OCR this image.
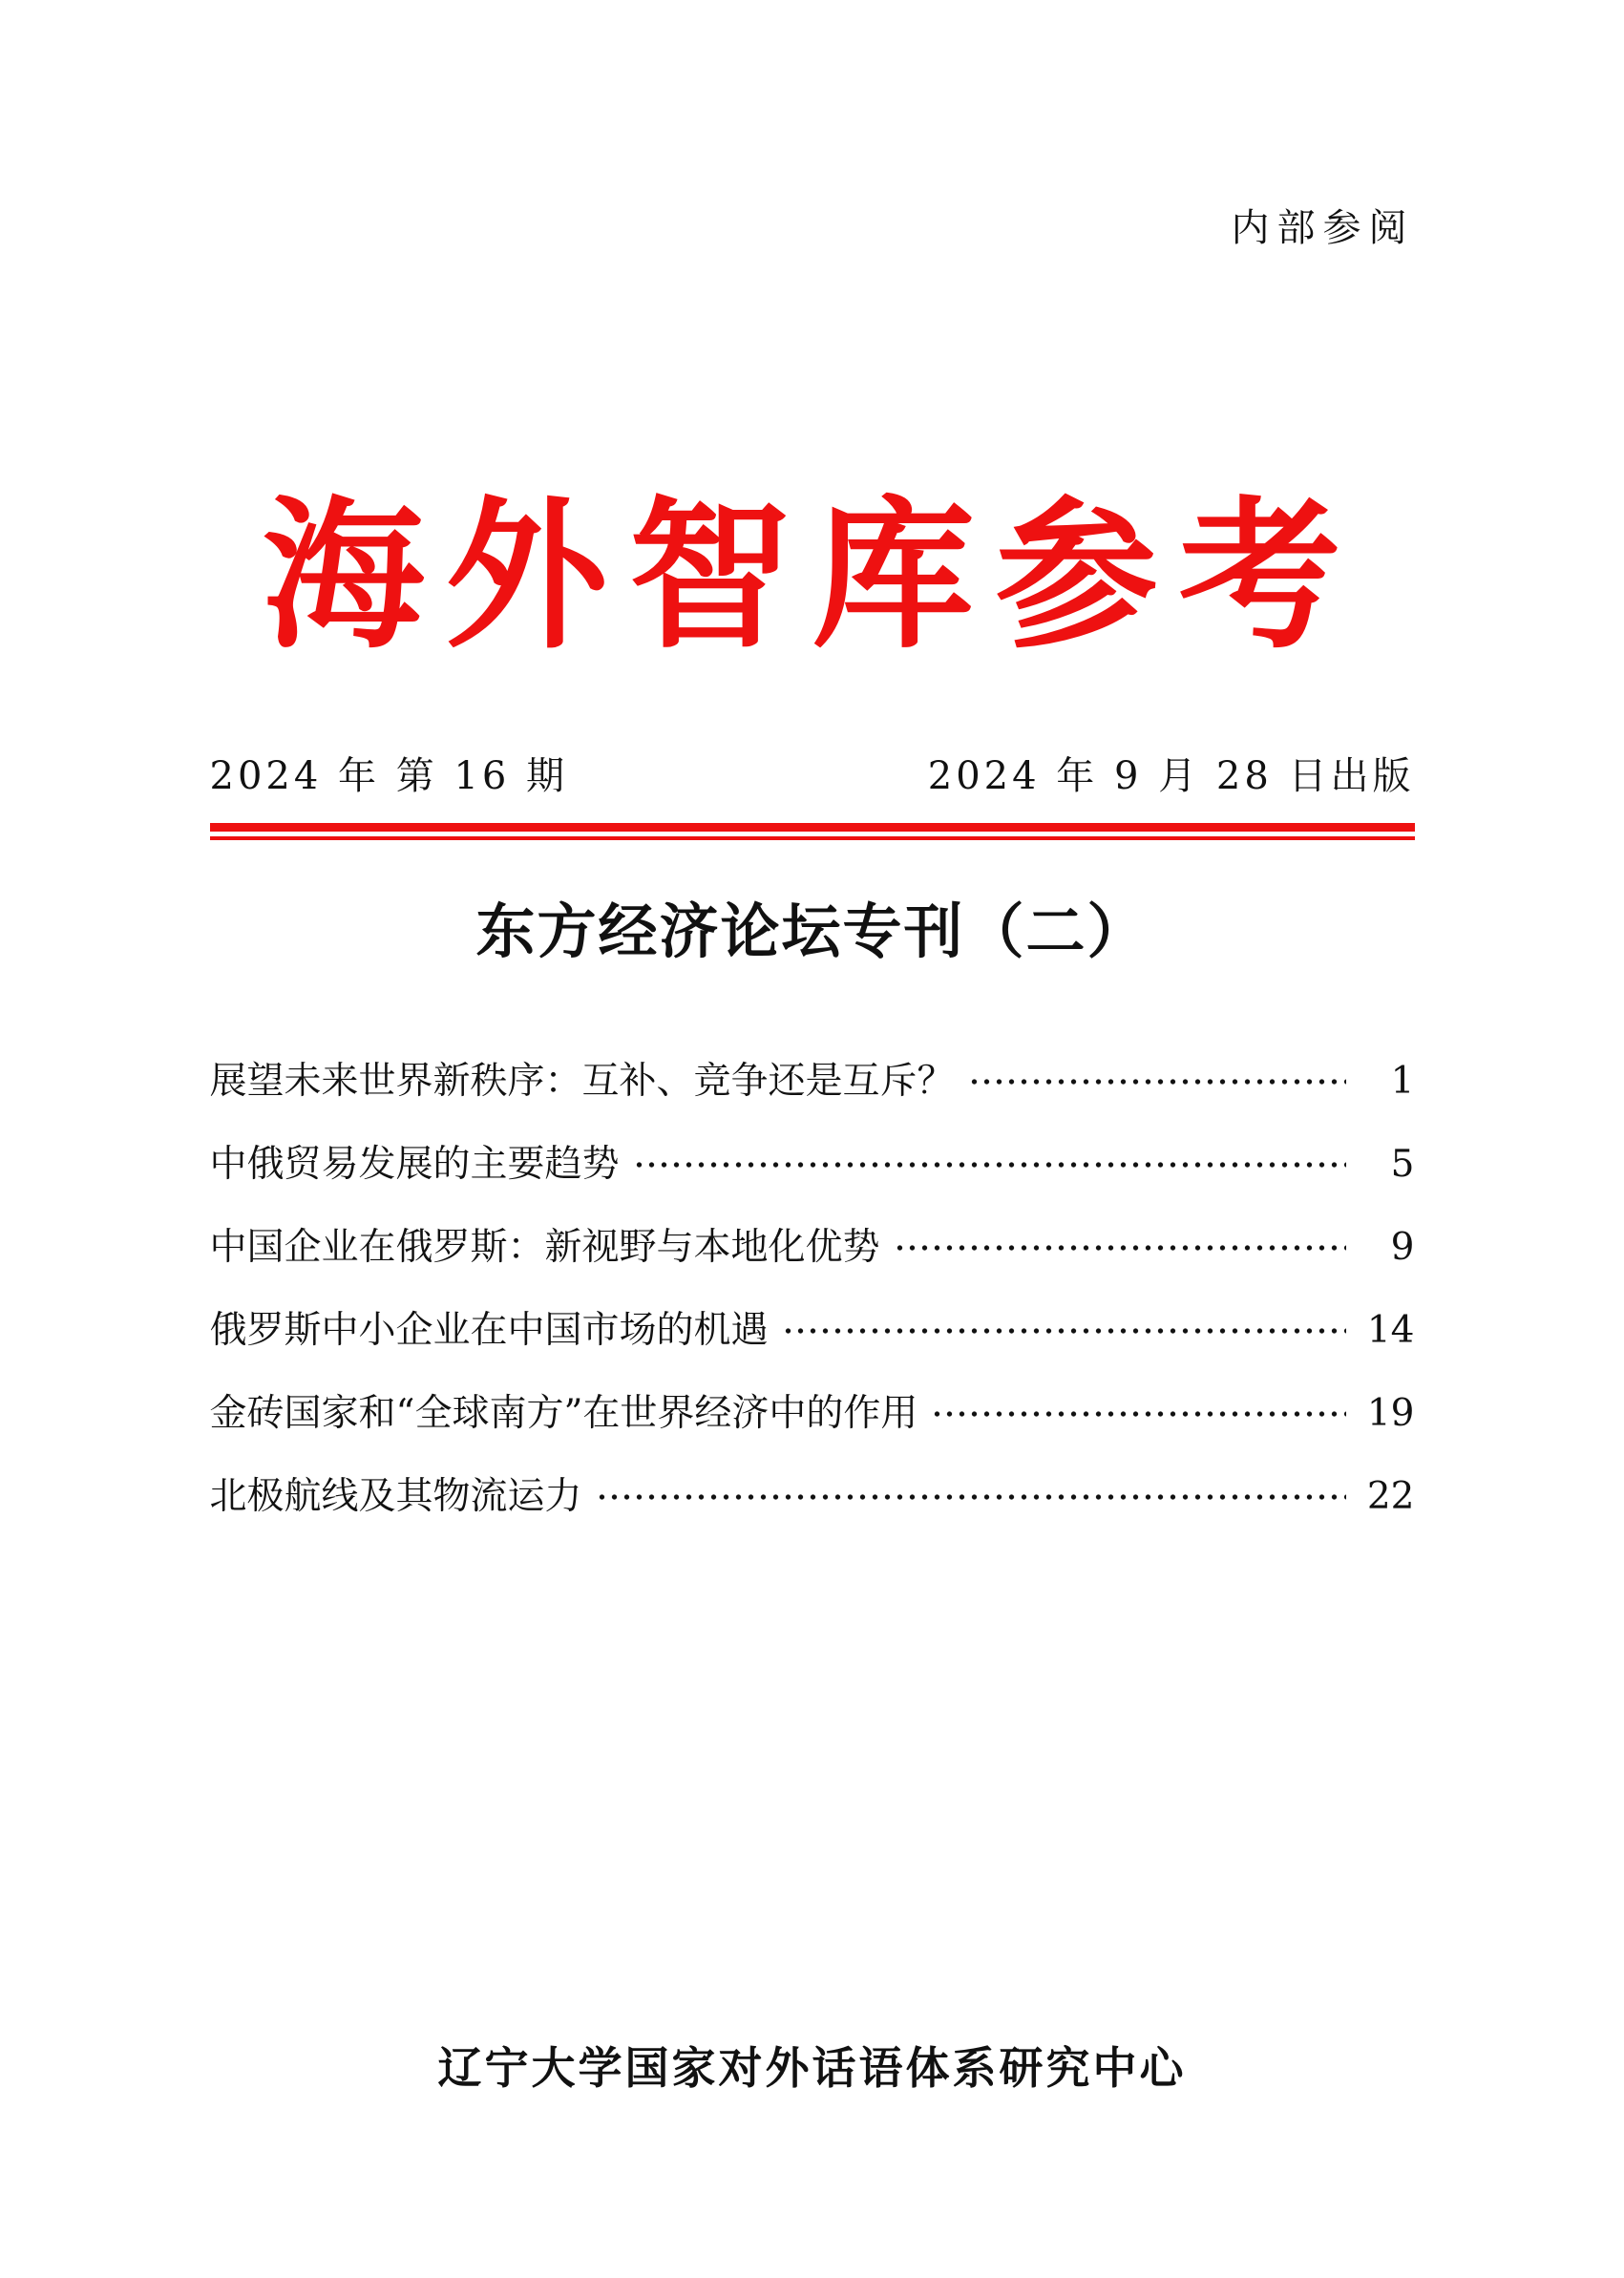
内部参阅
海外智库参考
2024 年 第 16 期	2024 年 9 月 28 日出版
东方经济论坛专刊（二）
展望未来世界新秩序：互补、竞争还是互斥？	1
中俄贸易发展的主要趋势	5
中国企业在俄罗斯：新视野与本地化优势	9
俄罗斯中小企业在中国市场的机遇	14
金砖国家和“全球南方”在世界经济中的作用	19
北极航线及其物流运力	22
辽宁大学国家对外话语体系研究中心
